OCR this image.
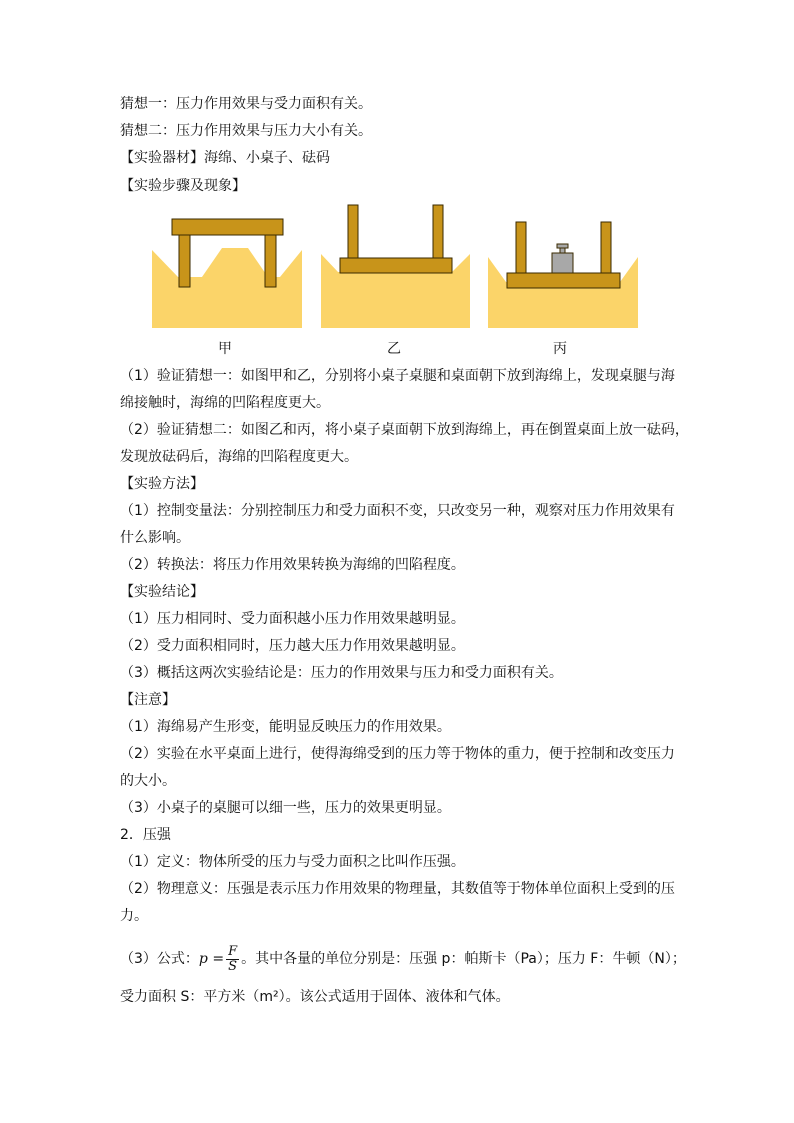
猜想一：压力作用效果与受力面积有关。
猜想二：压力作用效果与压力大小有关。
【实验器材】海绵、小桌子、砝码
【实验步骤及现象】
甲	乙	丙
（1）验证猜想一：如图甲和乙，分别将小桌子桌腿和桌面朝下放到海绵上，发现桌腿与海
绵接触时，海绵的凹陷程度更大。
（2）验证猜想二：如图乙和丙，将小桌子桌面朝下放到海绵上，再在倒置桌面上放一砝码，
发现放砝码后，海绵的凹陷程度更大。
【实验方法】
（1）控制变量法：分别控制压力和受力面积不变，只改变另一种，观察对压力作用效果有
什么影响。
（2）转换法：将压力作用效果转换为海绵的凹陷程度。
【实验结论】
（1）压力相同时、受力面积越小压力作用效果越明显。
（2）受力面积相同时，压力越大压力作用效果越明显。
（3）概括这两次实验结论是：压力的作用效果与压力和受力面积有关。
【注意】
（1）海绵易产生形变，能明显反映压力的作用效果。
（2）实验在水平桌面上进行，使得海绵受到的压力等于物体的重力，便于控制和改变压力
的大小。
（3）小桌子的桌腿可以细一些，压力的效果更明显。
2．压强
（1）定义：物体所受的压力与受力面积之比叫作压强。
（2）物理意义：压强是表示压力作用效果的物理量，其数值等于物体单位面积上受到的压
力。
（3）公式：$p = \frac{F}{S}$ 。其中各量的单位分别是：压强 p：帕斯卡（Pa）；压力 F：牛顿（N）；
受力面积 S：平方米（m²）。该公式适用于固体、液体和气体。
